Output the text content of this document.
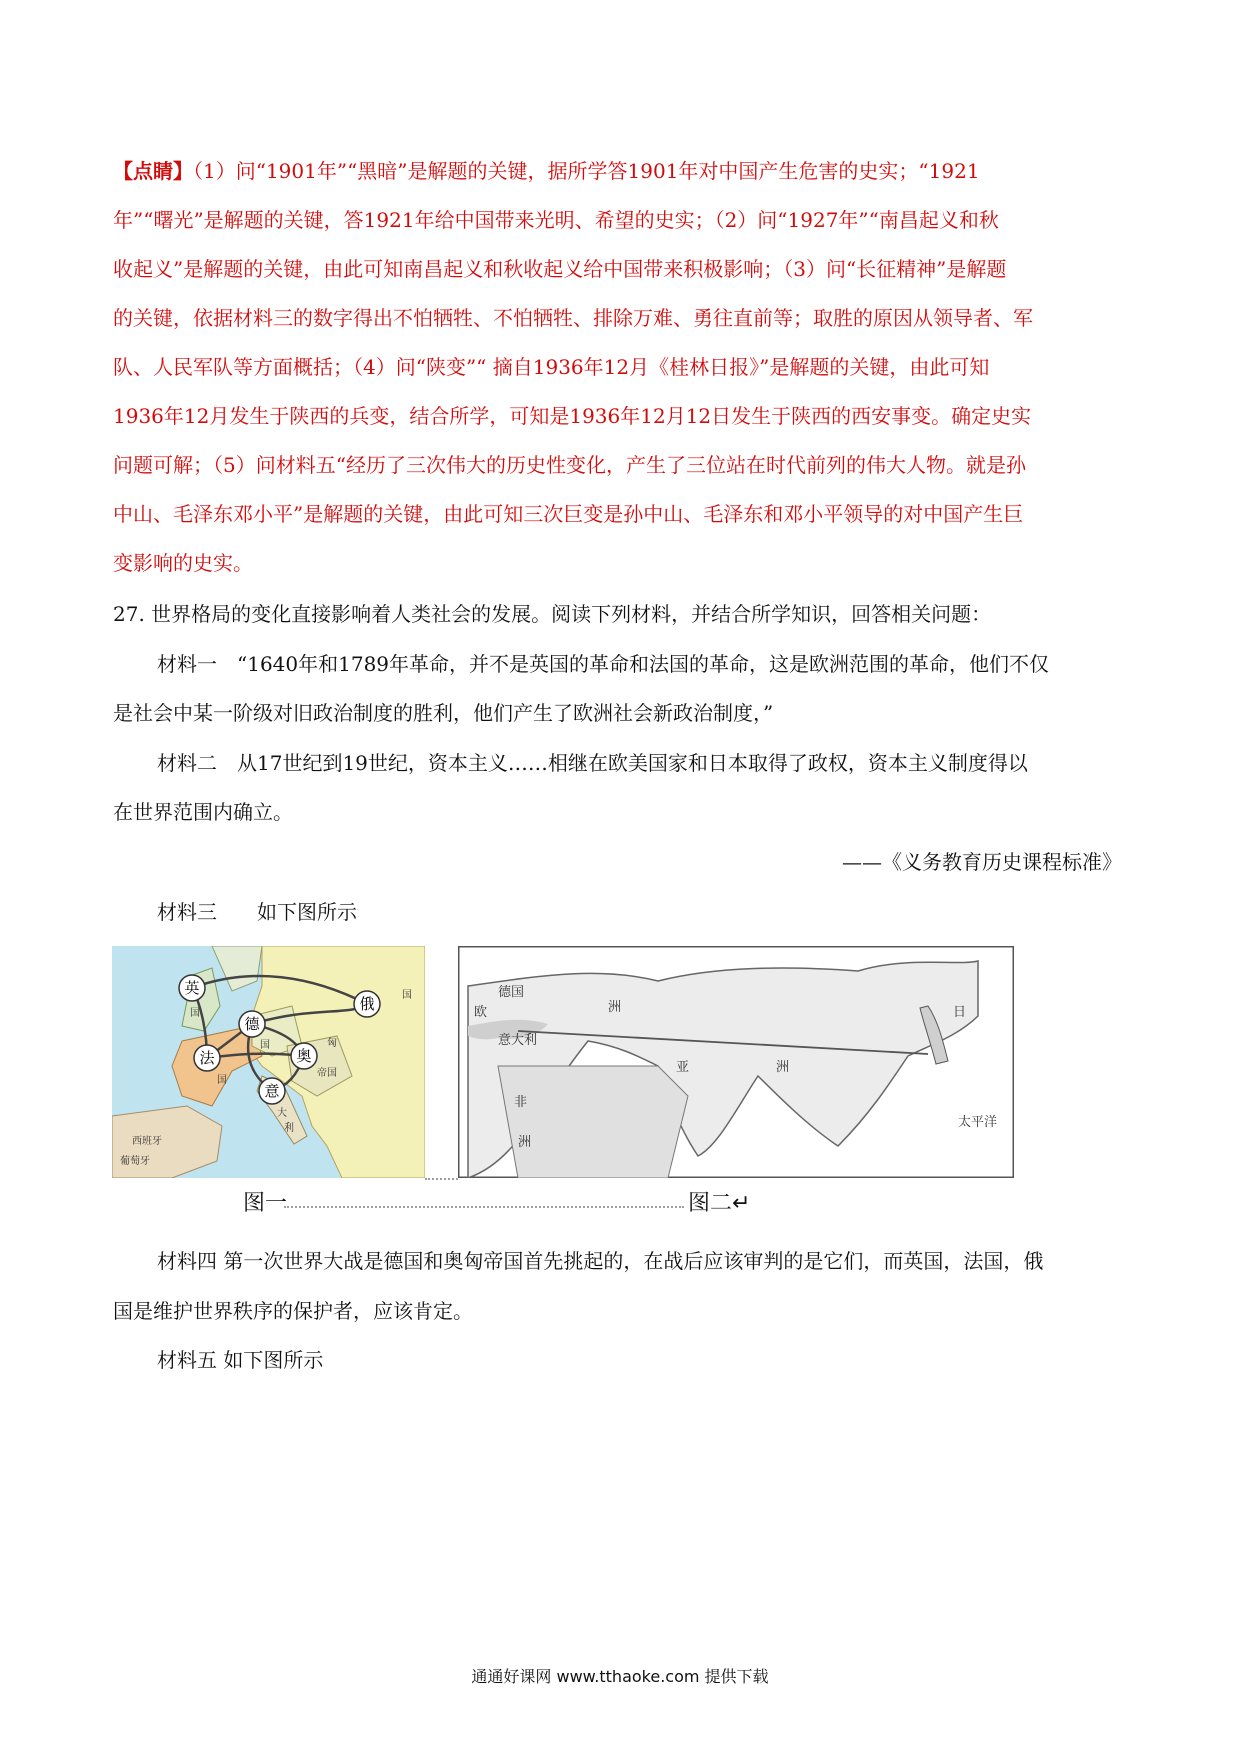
【点睛】（1）问“1901年”“黑暗”是解题的关键，据所学答1901年对中国产生危害的史实；“1921
年”“曙光”是解题的关键，答1921年给中国带来光明、希望的史实；（2）问“1927年”“南昌起义和秋
收起义”是解题的关键，由此可知南昌起义和秋收起义给中国带来积极影响；（3）问“长征精神”是解题
的关键，依据材料三的数字得出不怕牺牲、不怕牺牲、排除万难、勇往直前等；取胜的原因从领导者、军
队、人民军队等方面概括；（4）问“陕变”“ 摘自1936年12月《桂林日报》”是解题的关键，由此可知
1936年12月发生于陕西的兵变，结合所学，可知是1936年12月12日发生于陕西的西安事变。确定史实
问题可解；（5）问材料五“经历了三次伟大的历史性变化，产生了三位站在时代前列的伟大人物。就是孙
中山、毛泽东邓小平”是解题的关键，由此可知三次巨变是孙中山、毛泽东和邓小平领导的对中国产生巨
变影响的史实。
27. 世界格局的变化直接影响着人类社会的发展。阅读下列材料，并结合所学知识，回答相关问题：
材料一　“1640年和1789年革命，并不是英国的革命和法国的革命，这是欧洲范围的革命，他们不仅
是社会中某一阶级对旧政治制度的胜利，他们产生了欧洲社会新政治制度，”
材料二　从17世纪到19世纪，资本主义……相继在欧美国家和日本取得了政权，资本主义制度得以
在世界范围内确立。
——《义务教育历史课程标准》
材料三　　如下图所示
英
俄
德
法	奥
意
国
国
国
国
帝国
利
西班牙
大
葡萄牙
匈
德国
欧	洲
意大利
亚	洲
非
洲
太平洋
日
图一	图二↵
材料四 第一次世界大战是德国和奥匈帝国首先挑起的，在战后应该审判的是它们，而英国，法国，俄
国是维护世界秩序的保护者，应该肯定。
材料五 如下图所示
通通好课网 www.tthaoke.com 提供下载
